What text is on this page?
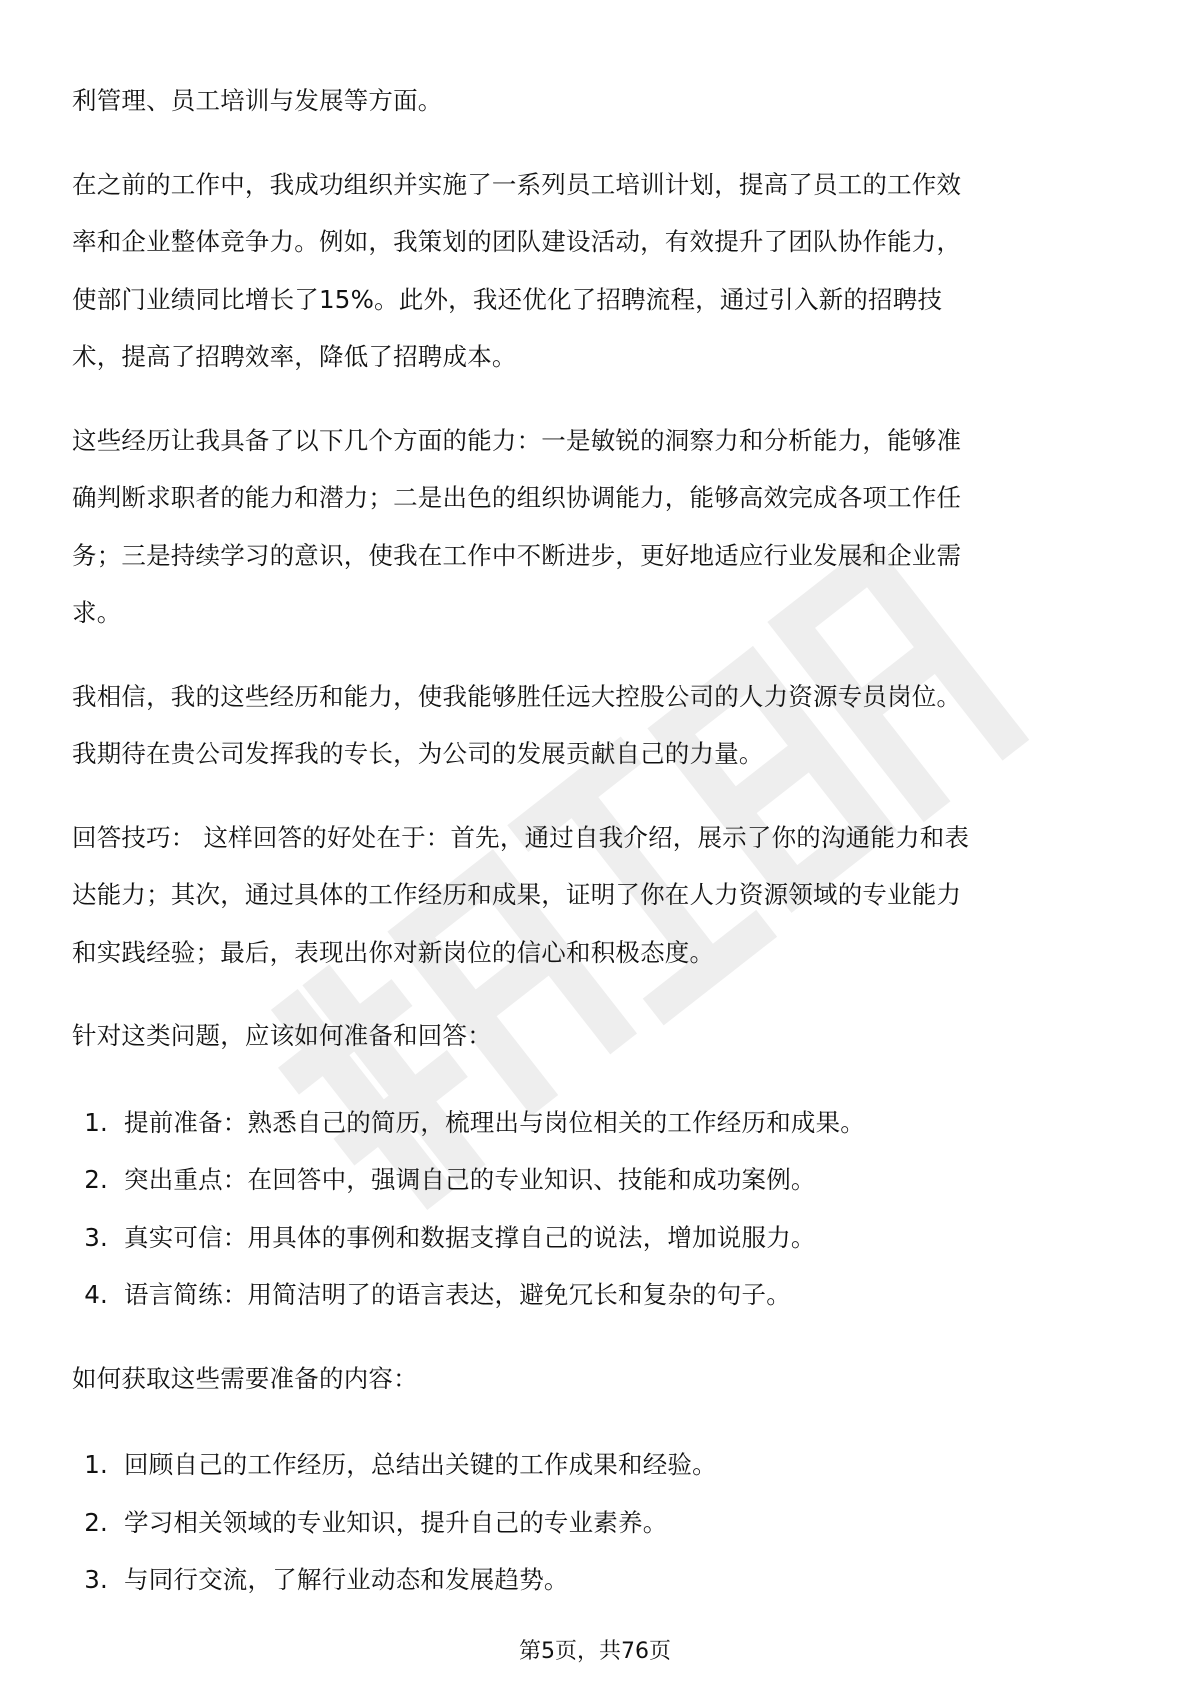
利管理、员工培训与发展等方面。

在之前的工作中，我成功组织并实施了一系列员工培训计划，提高了员工的工作效

率和企业整体竞争力。例如，我策划的团队建设活动，有效提升了团队协作能力，

使部门业绩同比增长了15%。此外，我还优化了招聘流程，通过引入新的招聘技

术，提高了招聘效率，降低了招聘成本。

这些经历让我具备了以下几个方面的能力：一是敏锐的洞察力和分析能力，能够准

确判断求职者的能力和潜力；二是出色的组织协调能力，能够高效完成各项工作任

务；三是持续学习的意识，使我在工作中不断进步，更好地适应行业发展和企业需

求。

我相信，我的这些经历和能力，使我能够胜任远大控股公司的人力资源专员岗位。

我期待在贵公司发挥我的专长，为公司的发展贡献自己的力量。

回答技巧： 这样回答的好处在于：首先，通过自我介绍，展示了你的沟通能力和表

达能力；其次，通过具体的工作经历和成果，证明了你在人力资源领域的专业能力

和实践经验；最后，表现出你对新岗位的信心和积极态度。

针对这类问题，应该如何准备和回答：

1. 提前准备：熟悉自己的简历，梳理出与岗位相关的工作经历和成果。
2. 突出重点：在回答中，强调自己的专业知识、技能和成功案例。
3. 真实可信：用具体的事例和数据支撑自己的说法，增加说服力。
4. 语言简练：用简洁明了的语言表达，避免冗长和复杂的句子。

如何获取这些需要准备的内容：

1. 回顾自己的工作经历，总结出关键的工作成果和经验。
2. 学习相关领域的专业知识，提升自己的专业素养。
3. 与同行交流，了解行业动态和发展趋势。
第5页，共76页
